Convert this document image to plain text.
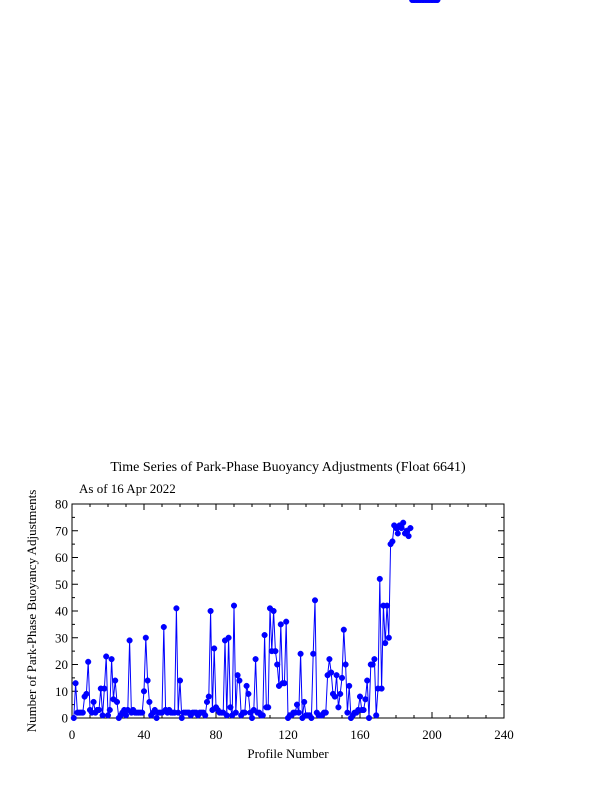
Time Series of Park-Phase Buoyancy Adjustments (Float 6641)
As of 16 Apr 2022
0	40	80	120	160	200	240
0
10
20
30
40
50
60
70
80
Profile Number
Number of Park-Phase Buoyancy Adjustments
